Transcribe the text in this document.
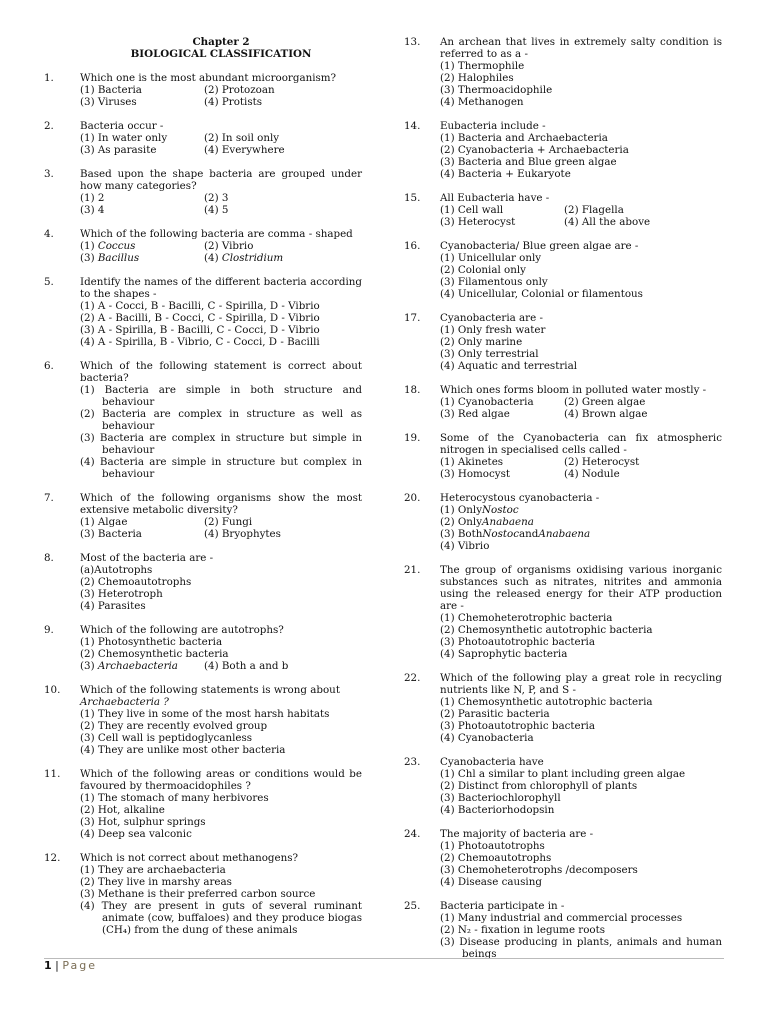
Chapter 2
BIOLOGICAL CLASSIFICATION
1.	Which one is the most abundant microorganism?
(1) Bacteria	(2) Protozoan
(3) Viruses	(4) Protists
2.	Bacteria occur -
(1) In water only	(2) In soil only
(3) As parasite	(4) Everywhere
3.	Based upon the shape bacteria are grouped under how many categories?
(1) 2	(2) 3
(3) 4	(4) 5
4.	Which of the following bacteria are comma - shaped
(1) Coccus	(2) Vibrio
(3) Bacillus	(4) Clostridium
5.	Identify the names of the different bacteria according to the shapes -
(1) A - Cocci, B - Bacilli, C - Spirilla, D - Vibrio
(2) A - Bacilli, B - Cocci, C - Spirilla, D - Vibrio
(3) A - Spirilla, B - Bacilli, C - Cocci, D - Vibrio
(4) A - Spirilla, B - Vibrio, C - Cocci, D - Bacilli
6.	Which of the following statement is correct about bacteria?
(1) Bacteria are simple in both structure and behaviour
(2) Bacteria are complex in structure as well as behaviour
(3) Bacteria are complex in structure but simple in behaviour
(4) Bacteria are simple in structure but complex in behaviour
7.	Which of the following organisms show the most extensive metabolic diversity?
(1) Algae	(2) Fungi
(3) Bacteria	(4) Bryophytes
8.	Most of the bacteria are -
(a)Autotrophs
(2) Chemoautotrophs
(3) Heterotroph
(4) Parasites
9.	Which of the following are autotrophs?
(1) Photosynthetic bacteria
(2) Chemosynthetic bacteria
(3) Archaebacteria	(4) Both a and b
10.	Which of the following statements is wrong about
Archaebacteria ?
(1) They live in some of the most harsh habitats
(2) They are recently evolved group
(3) Cell wall is peptidoglycanless
(4) They are unlike most other bacteria
11.	Which of the following areas or conditions would be favoured by thermoacidophiles ?
(1) The stomach of many herbivores
(2) Hot, alkaline
(3) Hot, sulphur springs
(4) Deep sea valconic
12.	Which is not correct about methanogens?
(1) They are archaebacteria
(2) They live in marshy areas
(3) Methane is their preferred carbon source
(4) They are present in guts of several ruminant animate (cow, buffaloes) and they produce biogas (CH₄) from the dung of these animals
13.	An archean that lives in extremely salty condition is referred to as a -
(1) Thermophile
(2) Halophiles
(3) Thermoacidophile
(4) Methanogen
14.	Eubacteria include -
(1) Bacteria and Archaebacteria
(2) Cyanobacteria + Archaebacteria
(3) Bacteria and Blue green algae
(4) Bacteria + Eukaryote
15.	All Eubacteria have -
(1) Cell wall	(2) Flagella
(3) Heterocyst	(4) All the above
16.	Cyanobacteria/ Blue green algae are -
(1) Unicellular only
(2) Colonial only
(3) Filamentous only
(4) Unicellular, Colonial or filamentous
17.	Cyanobacteria are -
(1) Only fresh water
(2) Only marine
(3) Only terrestrial
(4) Aquatic and terrestrial
18.	Which ones forms bloom in polluted water mostly -
(1) Cyanobacteria	(2) Green algae
(3) Red algae	(4) Brown algae
19.	Some of the Cyanobacteria can fix atmospheric nitrogen in specialised cells called -
(1) Akinetes	(2) Heterocyst
(3) Homocyst	(4) Nodule
20.	Heterocystous cyanobacteria -
(1) Only Nostoc
(2) Only Anabaena
(3) Both Nostoc and Anabaena
(4) Vibrio
21.	The group of organisms oxidising various inorganic substances such as nitrates, nitrites and ammonia using the released energy for their ATP production are -
(1) Chemoheterotrophic bacteria
(2) Chemosynthetic autotrophic bacteria
(3) Photoautotrophic bacteria
(4) Saprophytic bacteria
22.	Which of the following play a great role in recycling nutrients like N, P, and S -
(1) Chemosynthetic autotrophic bacteria
(2) Parasitic bacteria
(3) Photoautotrophic bacteria
(4) Cyanobacteria
23.	Cyanobacteria have
(1) Chl a similar to plant including green algae
(2) Distinct from chlorophyll of plants
(3) Bacteriochlorophyll
(4) Bacteriorhodopsin
24.	The majority of bacteria are -
(1) Photoautotrophs
(2) Chemoautotrophs
(3) Chemoheterotrophs /decomposers
(4) Disease causing
25.	Bacteria participate in -
(1) Many industrial and commercial processes
(2) N₂ - fixation in legume roots
(3) Disease producing in plants, animals and human beings
1 | Page
